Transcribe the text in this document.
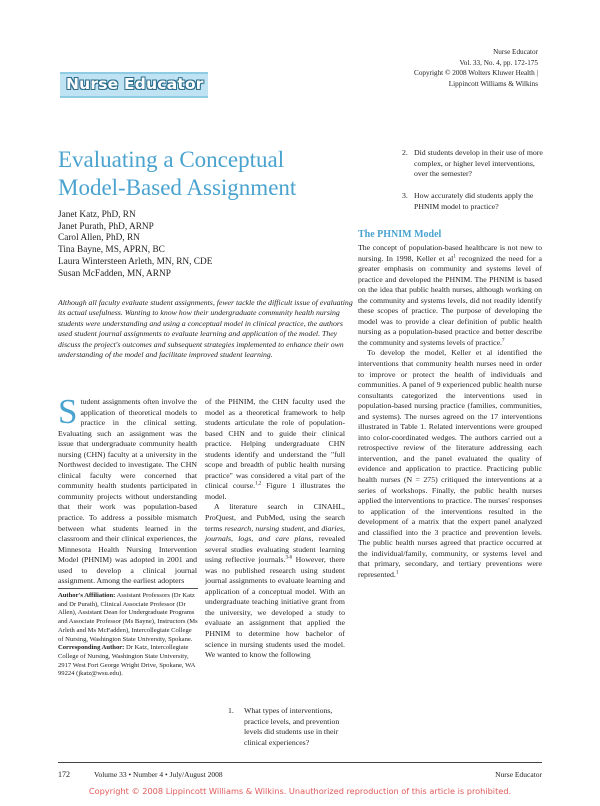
Nurse Educator
Nurse Educator
Vol. 33, No. 4, pp. 172-175
Copyright © 2008 Wolters Kluwer Health |
Lippincott Williams & Wilkins
Evaluating a Conceptual
Model-Based Assignment
Janet Katz, PhD, RN
Janet Purath, PhD, ARNP
Carol Allen, PhD, RN
Tina Bayne, MS, APRN, BC
Laura Wintersteen Arleth, MN, RN, CDE
Susan McFadden, MN, ARNP
Although all faculty evaluate student assignments, fewer tackle the difficult issue of evaluating its actual usefulness. Wanting to know how their undergraduate community health nursing students were understanding and using a conceptual model in clinical practice, the authors used student journal assignments to evaluate learning and application of the model. They discuss the project's outcomes and subsequent strategies implemented to enhance their own understanding of the model and facilitate improved student learning.

Student assignments often involve the application of theoretical models to practice in the clinical setting. Evaluating such an assignment was the issue that undergraduate community health nursing (CHN) faculty at a university in the Northwest decided to investigate. The CHN clinical faculty were concerned that community health students participated in community projects without understanding that their work was population-based practice. To address a possible mismatch between what students learned in the classroom and their clinical experiences, the Minnesota Health Nursing Intervention Model (PHNIM) was adopted in 2001 and used to develop a clinical journal assignment. Among the earliest adopters

Author's Affiliation: Assistant Professors (Dr Katz and Dr Purath), Clinical Associate Professor (Dr Allen), Assistant Dean for Undergraduate Programs and Associate Professor (Ms Bayne), Instructors (Ms Arleth and Ms McFadden), Intercollegiate College of Nursing, Washington State University, Spokane.

Corresponding Author: Dr Katz, Intercollegiate College of Nursing, Washington State University, 2917 West Fort George Wright Drive, Spokane, WA 99224 (jkatz@wsu.edu).

of the PHNIM, the CHN faculty used the model as a theoretical framework to help students articulate the role of population-based CHN and to guide their clinical practice. Helping undergraduate CHN students identify and understand the "full scope and breadth of public health nursing practice" was considered a vital part of the clinical course.$^{1,2}$ Figure 1 illustrates the model.

A literature search in CINAHL, ProQuest, and PubMed, using the search terms research, nursing student, and diaries, journals, logs, and care plans, revealed several studies evaluating student learning using reflective journals.$^{3-6}$ However, there was no published research using student journal assignments to evaluate learning and application of a conceptual model. With an undergraduate teaching initiative grant from the university, we developed a study to evaluate an assignment that applied the PHNIM to determine how bachelor of science in nursing students used the model. We wanted to know the following

1. What types of interventions, practice levels, and prevention levels did students use in their clinical experiences?
2. Did students develop in their use of more complex, or higher level interventions, over the semester?
3. How accurately did students apply the PHNIM model to practice?
The PHNIM Model

The concept of population-based healthcare is not new to nursing. In 1998, Keller et $al^1$ recognized the need for a greater emphasis on community and systems level of practice and developed the PHNIM. The PHNIM is based on the idea that public health nurses, although working on the community and systems levels, did not readily identify these scopes of practice. The purpose of developing the model was to provide a clear definition of public health nursing as a population-based practice and better describe the community and systems levels of practice.$^7$

To develop the model, Keller et al identified the interventions that community health nurses need in order to improve or protect the health of individuals and communities. A panel of 9 experienced public health nurse consultants categorized the interventions used in population-based nursing practice (families, communities, and systems). The nurses agreed on the 17 interventions illustrated in Table 1. Related interventions were grouped into color-coordinated wedges. The authors carried out a retrospective review of the literature addressing each intervention, and the panel evaluated the quality of evidence and application to practice. Practicing public health nurses (N = 275) critiqued the interventions at a series of workshops. Finally, the public health nurses applied the interventions to practice. The nurses' responses to application of the interventions resulted in the development of a matrix that the expert panel analyzed and classified into the 3 practice and prevention levels. The public health nurses agreed that practice occurred at the individual/family, community, or systems level and that primary, secondary, and tertiary preventions were represented.$^1$

172	Volume 33 • Number 4 • July/August 2008	Nurse Educator
Copyright © 2008 Lippincott Williams & Wilkins. Unauthorized reproduction of this article is prohibited.
